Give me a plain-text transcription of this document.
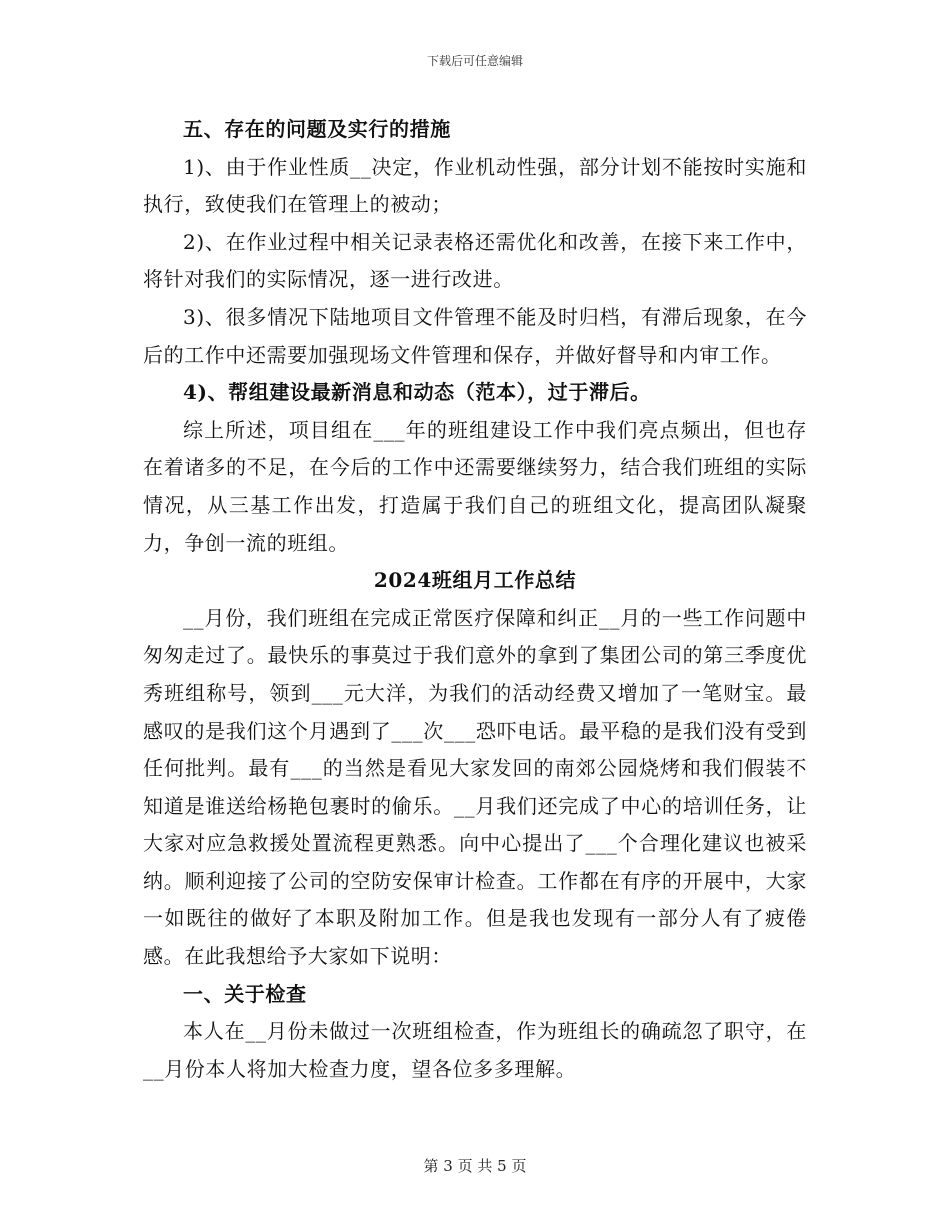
下载后可任意编辑

五、存在的问题及实行的措施

1)、由于作业性质__决定，作业机动性强，部分计划不能按时实施和执行，致使我们在管理上的被动；

2)、在作业过程中相关记录表格还需优化和改善，在接下来工作中，将针对我们的实际情况，逐一进行改进。

3)、很多情况下陆地项目文件管理不能及时归档，有滞后现象，在今后的工作中还需要加强现场文件管理和保存，并做好督导和内审工作。

4)、帮组建设最新消息和动态（范本），过于滞后。

综上所述，项目组在___年的班组建设工作中我们亮点频出，但也存在着诸多的不足，在今后的工作中还需要继续努力，结合我们班组的实际情况，从三基工作出发，打造属于我们自己的班组文化，提高团队凝聚力，争创一流的班组。

2024班组月工作总结

__月份，我们班组在完成正常医疗保障和纠正__月的一些工作问题中匆匆走过了。最快乐的事莫过于我们意外的拿到了集团公司的第三季度优秀班组称号，领到___元大洋，为我们的活动经费又增加了一笔财宝。最感叹的是我们这个月遇到了___次___恐吓电话。最平稳的是我们没有受到任何批判。最有___的当然是看见大家发回的南郊公园烧烤和我们假装不知道是谁送给杨艳包裹时的偷乐。__月我们还完成了中心的培训任务，让大家对应急救援处置流程更熟悉。向中心提出了___个合理化建议也被采纳。顺利迎接了公司的空防安保审计检查。工作都在有序的开展中，大家一如既往的做好了本职及附加工作。但是我也发现有一部分人有了疲倦感。在此我想给予大家如下说明：

一、关于检查

本人在__月份未做过一次班组检查，作为班组长的确疏忽了职守，在__月份本人将加大检查力度，望各位多多理解。

第 3 页 共 5 页
